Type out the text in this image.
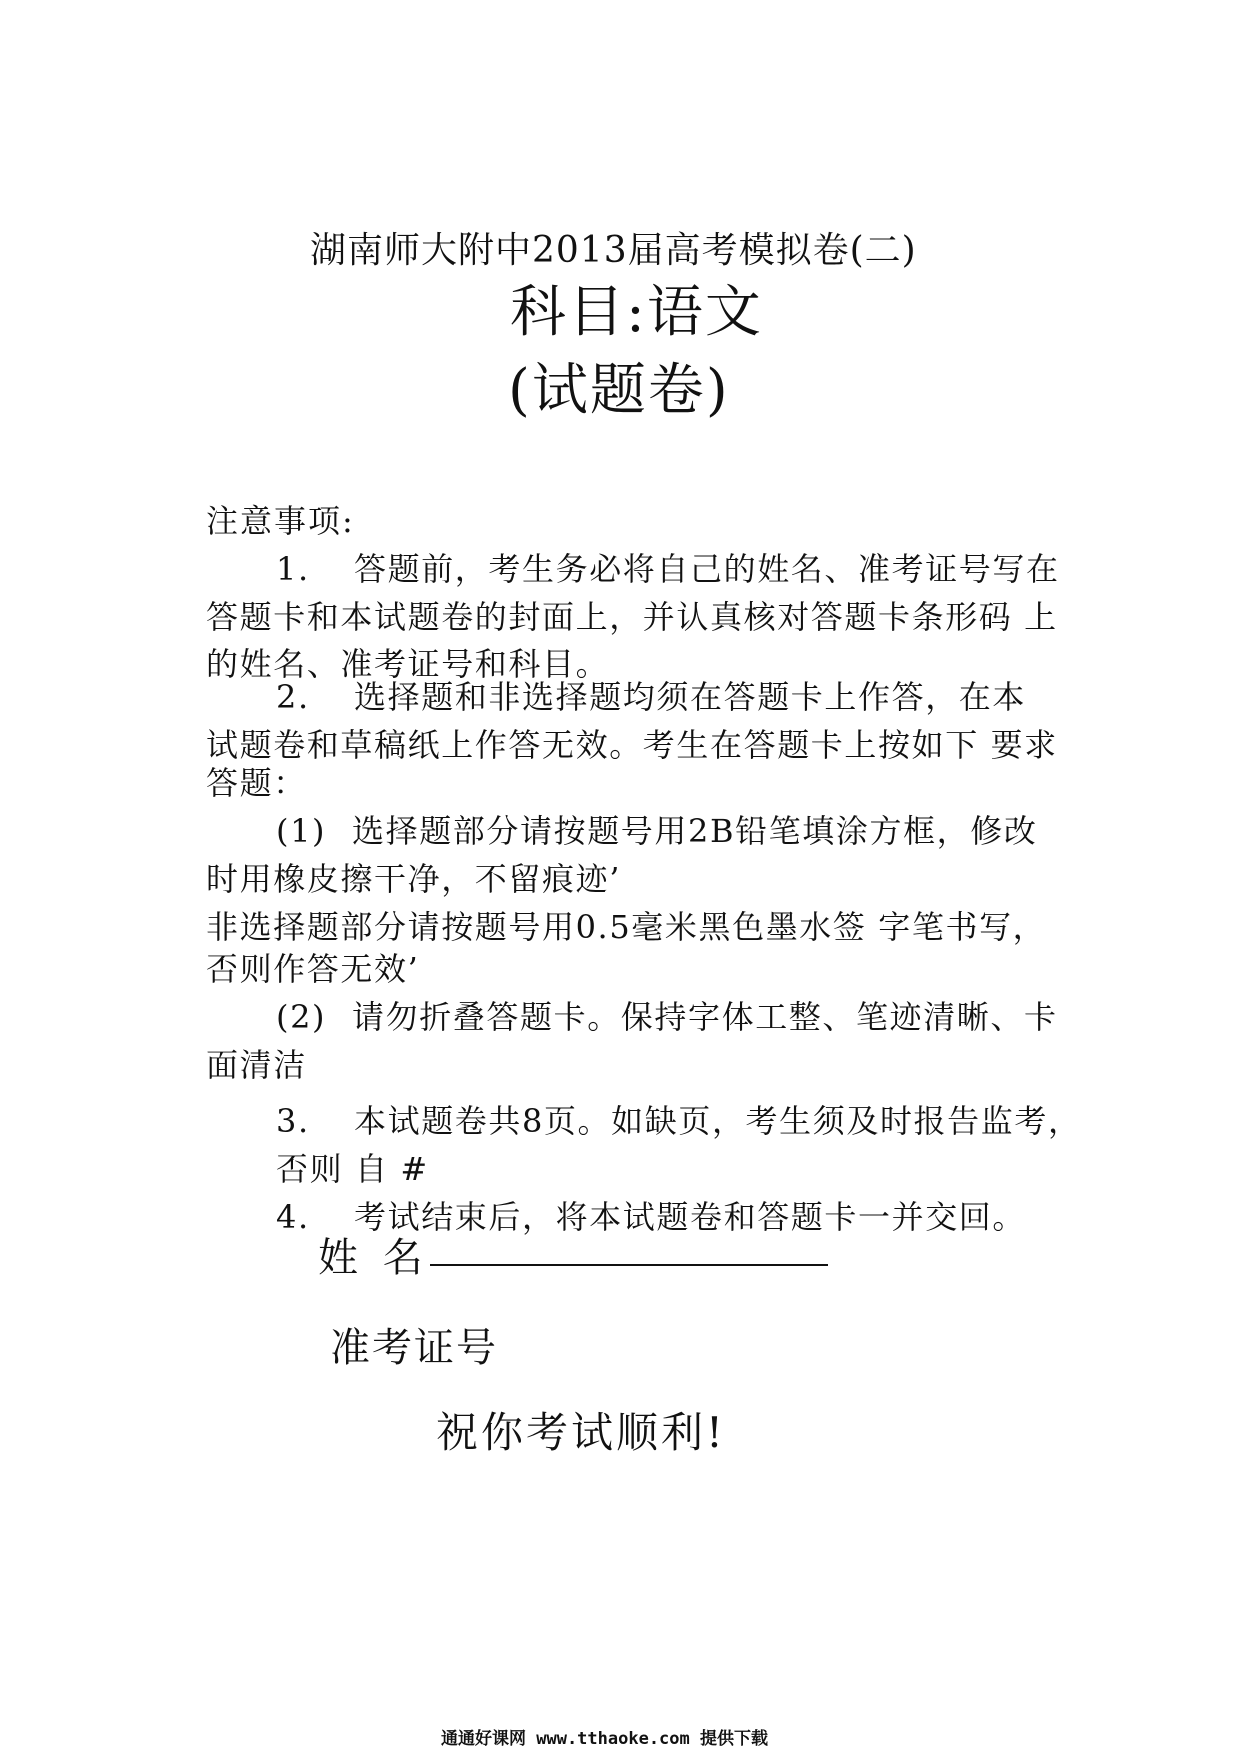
湖南师大附中2013届高考模拟卷(二)
科目:语文
(试题卷)
注意事项:
1. 答题前，考生务必将自己的姓名、准考证号写在
答题卡和本试题卷的封面上，并认真核对答题卡条形码 上
的姓名、准考证号和科目。
2. 选择题和非选择题均须在答题卡上作答，在本
试题卷和草稿纸上作答无效。考生在答题卡上按如下 要求
答题：
(1) 选择题部分请按题号用2B铅笔填涂方框，修改
时用橡皮擦干净，不留痕迹’
非选择题部分请按题号用0.5毫米黑色墨水签 字笔书写，
否则作答无效’
(2) 请勿折叠答题卡。保持字体工整、笔迹清晰、卡
面清洁
3. 本试题卷共8页。如缺页，考生须及时报告监考，
否则 自 #
4. 考试结束后，将本试题卷和答题卡一并交回。
姓 名
准考证号
祝你考试顺利!
通通好课网 www.tthaoke.com 提供下载
